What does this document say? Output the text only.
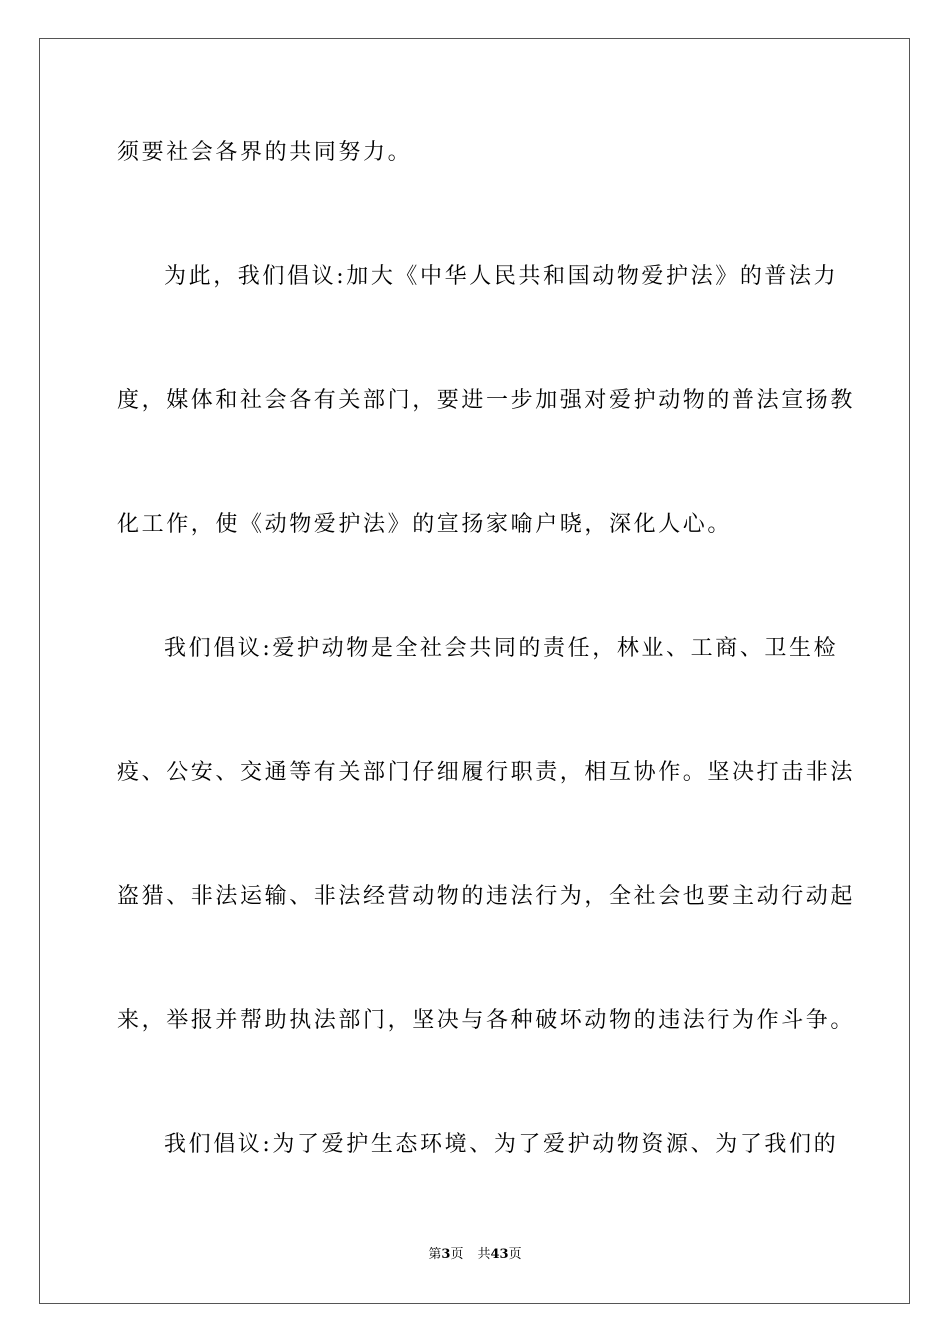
须要社会各界的共同努力。
为此，我们倡议:加大《中华人民共和国动物爱护法》的普法力
度，媒体和社会各有关部门，要进一步加强对爱护动物的普法宣扬教
化工作，使《动物爱护法》的宣扬家喻户晓，深化人心。
我们倡议:爱护动物是全社会共同的责任，林业、工商、卫生检
疫、公安、交通等有关部门仔细履行职责，相互协作。坚决打击非法
盗猎、非法运输、非法经营动物的违法行为，全社会也要主动行动起
来，举报并帮助执法部门，坚决与各种破坏动物的违法行为作斗争。
我们倡议:为了爱护生态环境、为了爱护动物资源、为了我们的
第3页 共43页
